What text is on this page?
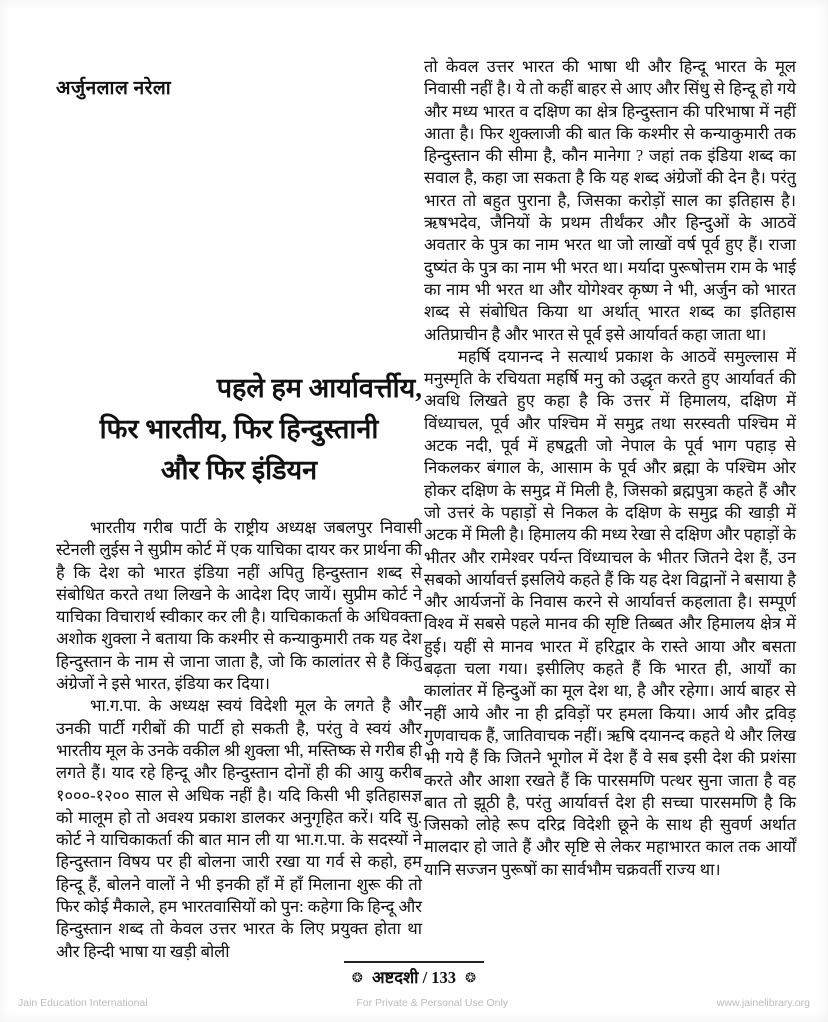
अर्जुनलाल नरेला

तो केवल उत्तर भारत की भाषा थी और हिन्दू भारत के मूल निवासी नहीं है। ये तो कहीं बाहर से आए और सिंधु से हिन्दू हो गये और मध्य भारत व दक्षिण का क्षेत्र हिन्दुस्तान की परिभाषा में नहीं आता है। फिर शुक्लाजी की बात कि कश्मीर से कन्याकुमारी तक हिन्दुस्तान की सीमा है, कौन मानेगा ? जहां तक इंडिया शब्द का सवाल है, कहा जा सकता है कि यह शब्द अंग्रेजों की देन है। परंतु भारत तो बहुत पुराना है, जिसका करोड़ों साल का इतिहास है। ऋषभदेव, जैनियों के प्रथम तीर्थंकर और हिन्दुओं के आठवें अवतार के पुत्र का नाम भरत था जो लाखों वर्ष पूर्व हुए हैं। राजा दुष्यंत के पुत्र का नाम भी भरत था। मर्यादा पुरूषोत्तम राम के भाई का नाम भी भरत था और योगेश्वर कृष्ण ने भी, अर्जुन को भारत शब्द से संबोधित किया था अर्थात् भारत शब्द का इतिहास अतिप्राचीन है और भारत से पूर्व इसे आर्यावर्त कहा जाता था।

महर्षि दयानन्द ने सत्यार्थ प्रकाश के आठवें समुल्लास में मनुस्मृति के रचियता महर्षि मनु को उद्धृत करते हुए आर्यावर्त की अवधि लिखते हुए कहा है कि उत्तर में हिमालय, दक्षिण में विंध्याचल, पूर्व और पश्चिम में समुद्र तथा सरस्वती पश्चिम में अटक नदी, पूर्व में हषद्वती जो नेपाल के पूर्व भाग पहाड़ से निकलकर बंगाल के, आसाम के पूर्व और ब्रह्मा के पश्चिम ओर होकर दक्षिण के समुद्र में मिली है, जिसको ब्रह्मपुत्रा कहते हैं और जो उत्तरं के पहाड़ों से निकल के दक्षिण के समुद्र की खाड़ी में अटक में मिली है। हिमालय की मध्य रेखा से दक्षिण और पहाड़ों के भीतर और रामेश्वर पर्यन्त विंध्याचल के भीतर जितने देश हैं, उन सबको आर्यावर्त्त इसलिये कहते हैं कि यह देश विद्वानों ने बसाया है और आर्यजनों के निवास करने से आर्यावर्त्त कहलाता है। सम्पूर्ण विश्व में सबसे पहले मानव की सृष्टि तिब्बत और हिमालय क्षेत्र में हुई। यहीं से मानव भारत में हरिद्वार के रास्ते आया और बसता बढ़ता चला गया। इसीलिए कहते हैं कि भारत ही, आर्यों का कालांतर में हिन्दुओं का मूल देश था, है और रहेगा। आर्य बाहर से नहीं आये और ना ही द्रविड़ों पर हमला किया। आर्य और द्रविड़ गुणवाचक हैं, जातिवाचक नहीं। ऋषि दयानन्द कहते थे और लिख भी गये हैं कि जितने भूगोल में देश हैं वे सब इसी देश की प्रशंसा करते और आशा रखते हैं कि पारसमणि पत्थर सुना जाता है वह बात तो झूठी है, परंतु आर्यावर्त्त देश ही सच्चा पारसमणि है कि जिसको लोहे रूप दरिद्र विदेशी छूने के साथ ही सुवर्ण अर्थात मालदार हो जाते हैं और सृष्टि से लेकर महाभारत काल तक आर्यों यानि सज्जन पुरूषों का सार्वभौम चक्रवर्ती राज्य था।

पहले हम आर्यावर्त्तीय,
फिर भारतीय, फिर हिन्दुस्तानी
और फिर इंडियन

भारतीय गरीब पार्टी के राष्ट्रीय अध्यक्ष जबलपुर निवासी स्टेनली लुईस ने सुप्रीम कोर्ट में एक याचिका दायर कर प्रार्थना की है कि देश को भारत इंडिया नहीं अपितु हिन्दुस्तान शब्द से संबोधित करते तथा लिखने के आदेश दिए जायें। सुप्रीम कोर्ट ने याचिका विचारार्थ स्वीकार कर ली है। याचिकाकर्ता के अधिवक्ता अशोक शुक्ला ने बताया कि कश्मीर से कन्याकुमारी तक यह देश हिन्दुस्तान के नाम से जाना जाता है, जो कि कालांतर से है किंतु अंग्रेजों ने इसे भारत, इंडिया कर दिया।

भा.ग.पा. के अध्यक्ष स्वयं विदेशी मूल के लगते है और उनकी पार्टी गरीबों की पार्टी हो सकती है, परंतु वे स्वयं और भारतीय मूल के उनके वकील श्री शुक्ला भी, मस्तिष्क से गरीब ही लगते हैं। याद रहे हिन्दू और हिन्दुस्तान दोनों ही की आयु करीब १०००-१२०० साल से अधिक नहीं है। यदि किसी भी इतिहासज्ञ को मालूम हो तो अवश्य प्रकाश डालकर अनुगृहित करें। यदि सु. कोर्ट ने याचिकाकर्ता की बात मान ली या भा.ग.पा. के सदस्यों ने हिन्दुस्तान विषय पर ही बोलना जारी रखा या गर्व से कहो, हम हिन्दू हैं, बोलने वालों ने भी इनकी हाँ में हाँ मिलाना शुरू की तो फिर कोई मैकाले, हम भारतवासियों को पुन: कहेगा कि हिन्दू और हिन्दुस्तान शब्द तो केवल उत्तर भारत के लिए प्रयुक्त होता था और हिन्दी भाषा या खड़ी बोली

❂ अष्टदशी / 133 ❂
Jain Education International	For Private & Personal Use Only	www.jainelibrary.org
